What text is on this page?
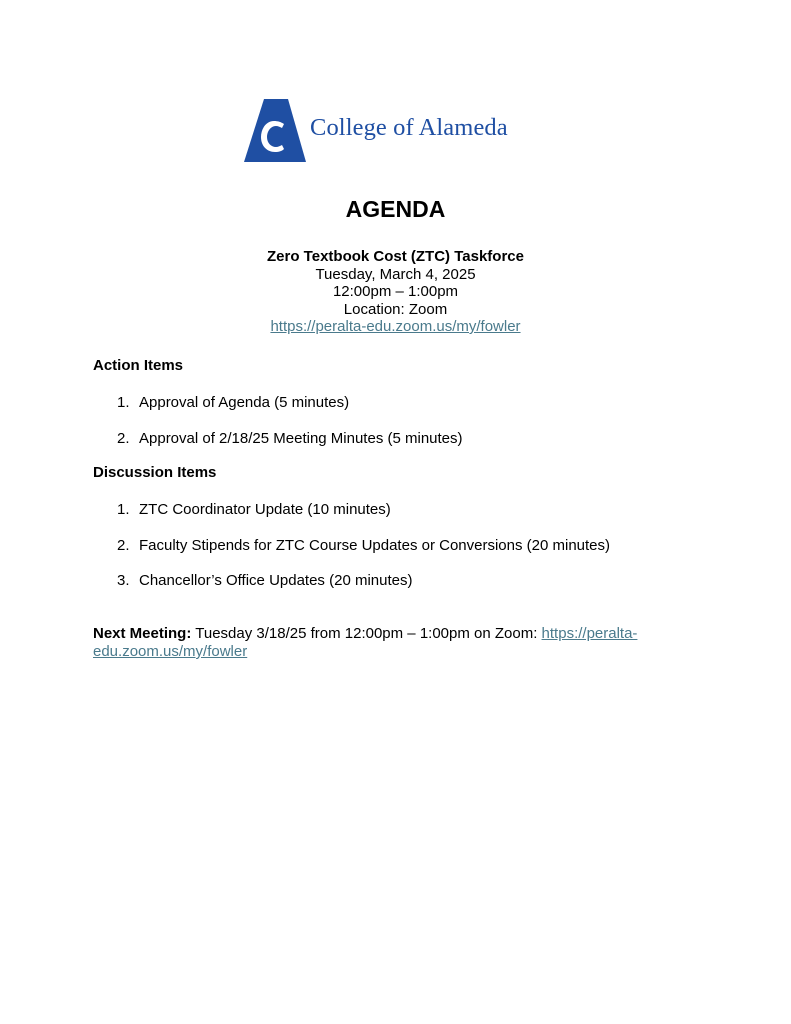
College of Alameda
AGENDA
Zero Textbook Cost (ZTC) Taskforce
Tuesday, March 4, 2025
12:00pm – 1:00pm
Location: Zoom
https://peralta-edu.zoom.us/my/fowler
Action Items
1. Approval of Agenda (5 minutes)
2. Approval of 2/18/25 Meeting Minutes (5 minutes)
Discussion Items
1. ZTC Coordinator Update (10 minutes)
2. Faculty Stipends for ZTC Course Updates or Conversions (20 minutes)
3. Chancellor’s Office Updates (20 minutes)
Next Meeting: Tuesday 3/18/25 from 12:00pm – 1:00pm on Zoom: https://peralta-
edu.zoom.us/my/fowler
